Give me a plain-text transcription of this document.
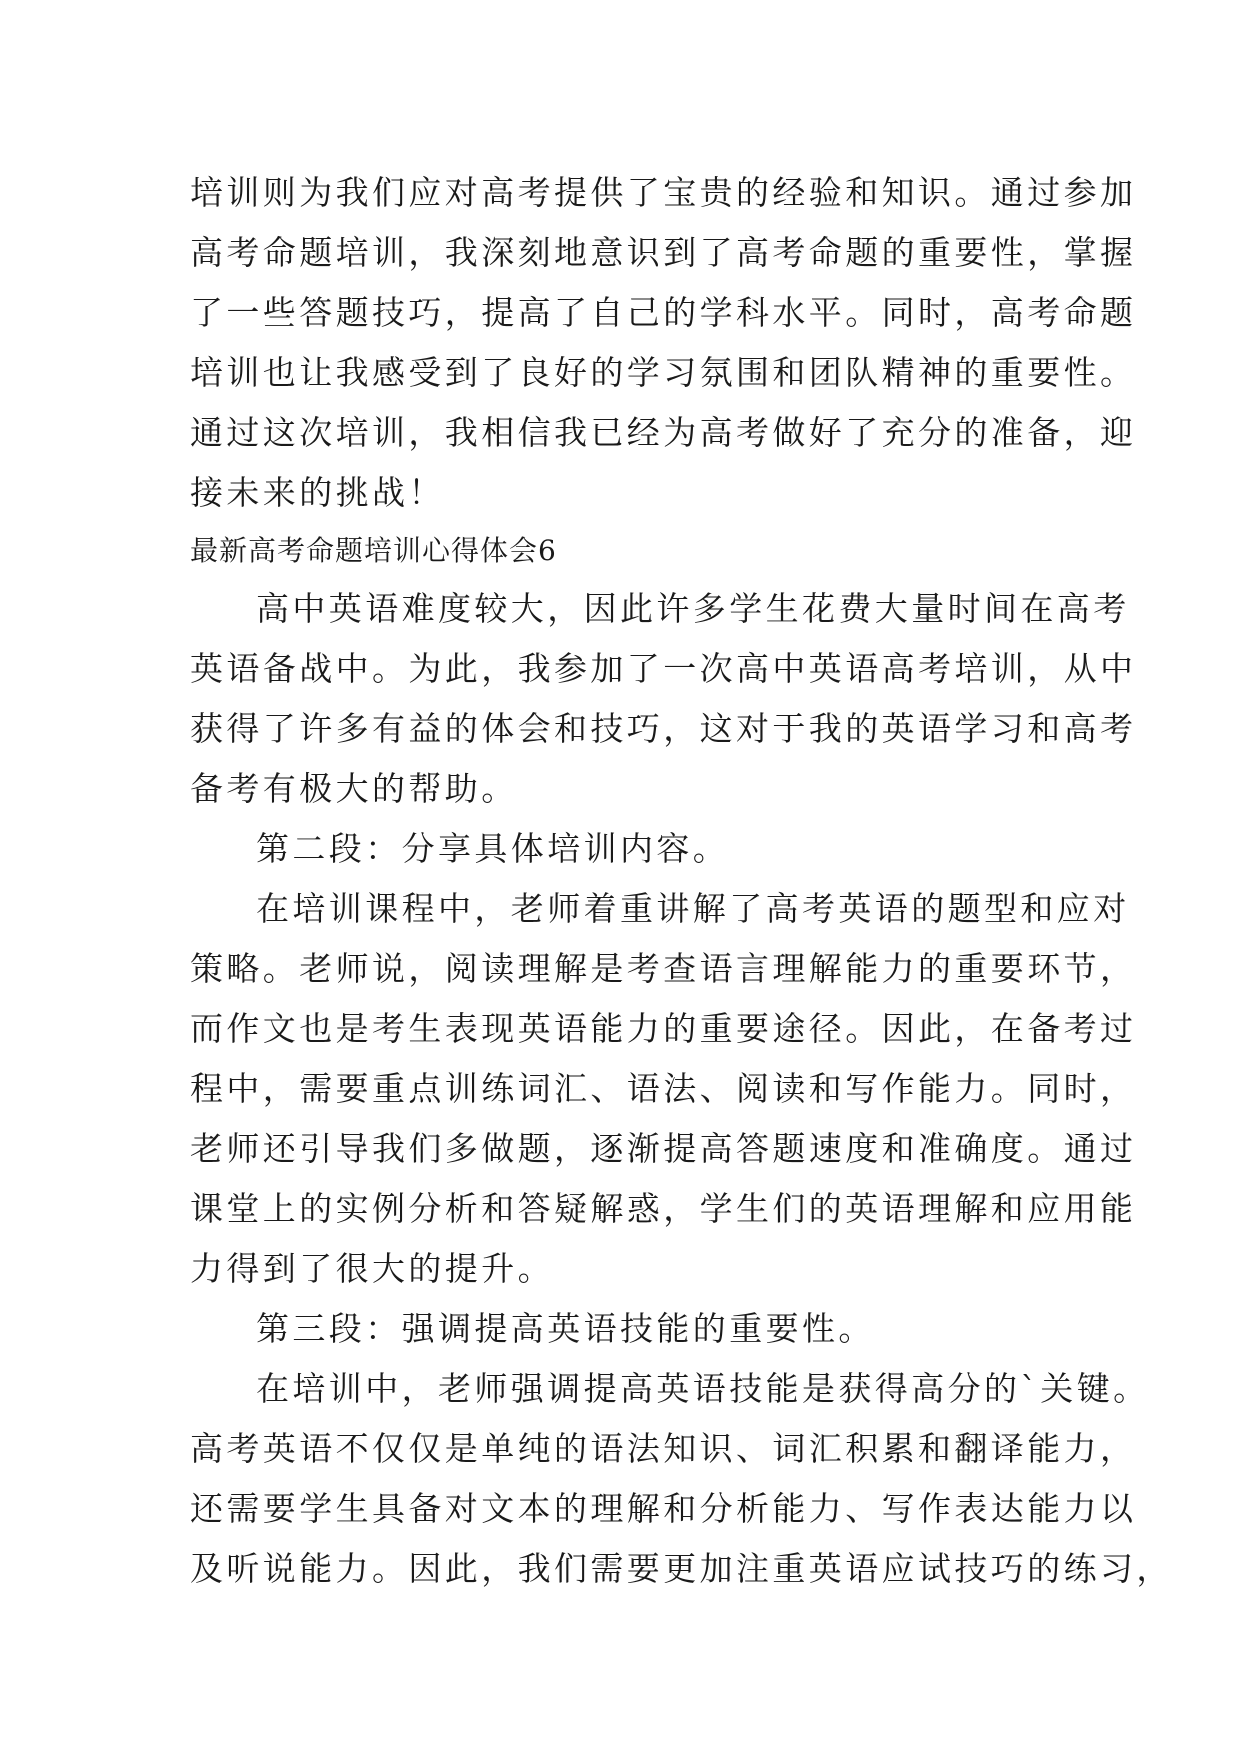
培训则为我们应对高考提供了宝贵的经验和知识。通过参加
高考命题培训，我深刻地意识到了高考命题的重要性，掌握
了一些答题技巧，提高了自己的学科水平。同时，高考命题
培训也让我感受到了良好的学习氛围和团队精神的重要性。
通过这次培训，我相信我已经为高考做好了充分的准备，迎
接未来的挑战！
最新高考命题培训心得体会6
高中英语难度较大，因此许多学生花费大量时间在高考
英语备战中。为此，我参加了一次高中英语高考培训，从中
获得了许多有益的体会和技巧，这对于我的英语学习和高考
备考有极大的帮助。
第二段：分享具体培训内容。
在培训课程中，老师着重讲解了高考英语的题型和应对
策略。老师说，阅读理解是考查语言理解能力的重要环节，
而作文也是考生表现英语能力的重要途径。因此，在备考过
程中，需要重点训练词汇、语法、阅读和写作能力。同时，
老师还引导我们多做题，逐渐提高答题速度和准确度。通过
课堂上的实例分析和答疑解惑，学生们的英语理解和应用能
力得到了很大的提升。
第三段：强调提高英语技能的重要性。
在培训中，老师强调提高英语技能是获得高分的`关键。
高考英语不仅仅是单纯的语法知识、词汇积累和翻译能力，
还需要学生具备对文本的理解和分析能力、写作表达能力以
及听说能力。因此，我们需要更加注重英语应试技巧的练习，
